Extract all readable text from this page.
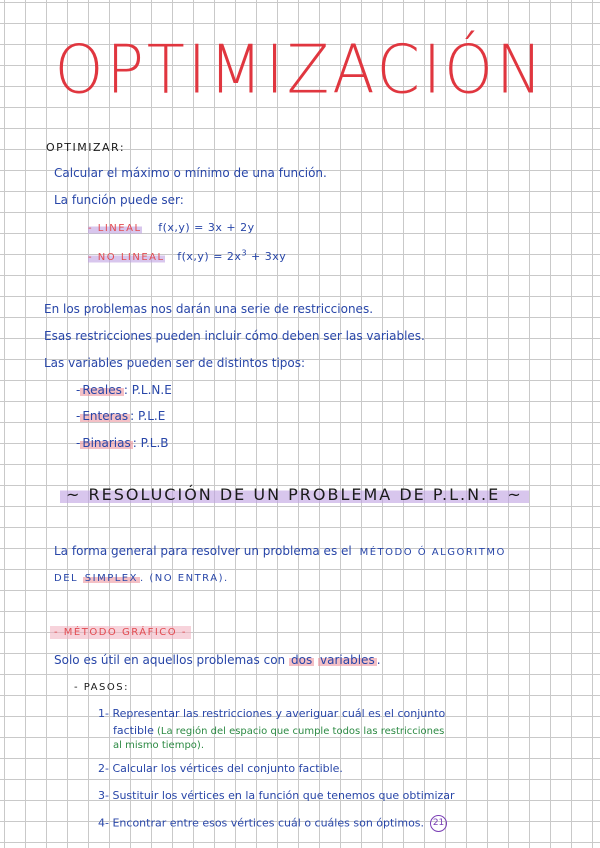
OPTIMIZACIÓN
OPTIMIZAR:
Calcular el máximo o mínimo de una función.
La función puede ser:
- LINEAL f(x,y) = 3x + 2y
- NO LINEAL $f(x,y) = 2x^3 + 3xy$
En los problemas nos darán una serie de restricciones.
Esas restricciones pueden incluir cómo deben ser las variables.
Las variables pueden ser de distintos tipos:
- Reales : P.L.N.E
- Enteras : P.L.E
- Binarias : P.L.B
~ RESOLUCIÓN DE UN PROBLEMA DE P.L.N.E ~
La forma general para resolver un problema es el MÉTODO Ó ALGORITMO
DEL SIMPLEX . (NO ENTRA).
- MÉTODO GRÁFICO -
Solo es útil en aquellos problemas con dos variables .
- PASOS:
1- Representar las restricciones y averiguar cuál es el conjunto
factible (La región del espacio que cumple todos las restricciones
al mismo tiempo).
2- Calcular los vértices del conjunto factible.
3- Sustituir los vértices en la función que tenemos que obtimizar
4- Encontrar entre esos vértices cuál o cuáles son óptimos. 21
